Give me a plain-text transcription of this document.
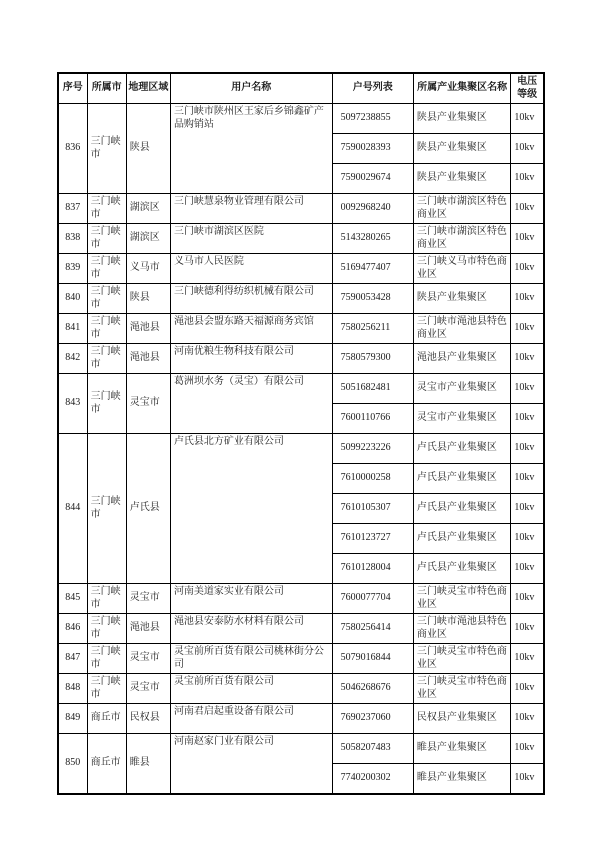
序号	所属市	地理区域	用户名称	户号列表	所属产业集聚区名称	电压等级
836	三门峡市	陕县	三门峡市陕州区王家后乡锦鑫矿产品购销站	5097238855	陕县产业集聚区	10kv
				7590028393	陕县产业集聚区	10kv
				7590029674	陕县产业集聚区	10kv
837	三门峡市	湖滨区	三门峡慧泉物业管理有限公司	0092968240	三门峡市湖滨区特色商业区	10kv
838	三门峡市	湖滨区	三门峡市湖滨区医院	5143280265	三门峡市湖滨区特色商业区	10kv
839	三门峡市	义马市	义马市人民医院	5169477407	三门峡义马市特色商业区	10kv
840	三门峡市	陕县	三门峡德利得纺织机械有限公司	7590053428	陕县产业集聚区	10kv
841	三门峡市	渑池县	渑池县会盟东路天福源商务宾馆	7580256211	三门峡市渑池县特色商业区	10kv
842	三门峡市	渑池县	河南优粮生物科技有限公司	7580579300	渑池县产业集聚区	10kv
843	三门峡市	灵宝市	葛洲坝水务（灵宝）有限公司	5051682481	灵宝市产业集聚区	10kv
				7600110766	灵宝市产业集聚区	10kv
844	三门峡市	卢氏县	卢氏县北方矿业有限公司	5099223226	卢氏县产业集聚区	10kv
				7610000258	卢氏县产业集聚区	10kv
				7610105307	卢氏县产业集聚区	10kv
				7610123727	卢氏县产业集聚区	10kv
				7610128004	卢氏县产业集聚区	10kv
845	三门峡市	灵宝市	河南美道家实业有限公司	7600077704	三门峡灵宝市特色商业区	10kv
846	三门峡市	渑池县	渑池县安泰防水材料有限公司	7580256414	三门峡市渑池县特色商业区	10kv
847	三门峡市	灵宝市	灵宝前所百货有限公司桃林街分公司	5079016844	三门峡灵宝市特色商业区	10kv
848	三门峡市	灵宝市	灵宝前所百货有限公司	5046268676	三门峡灵宝市特色商业区	10kv
849	商丘市	民权县	河南君启起重设备有限公司	7690237060	民权县产业集聚区	10kv
850	商丘市	睢县	河南赵家门业有限公司	5058207483	睢县产业集聚区	10kv
				7740200302	睢县产业集聚区	10kv
